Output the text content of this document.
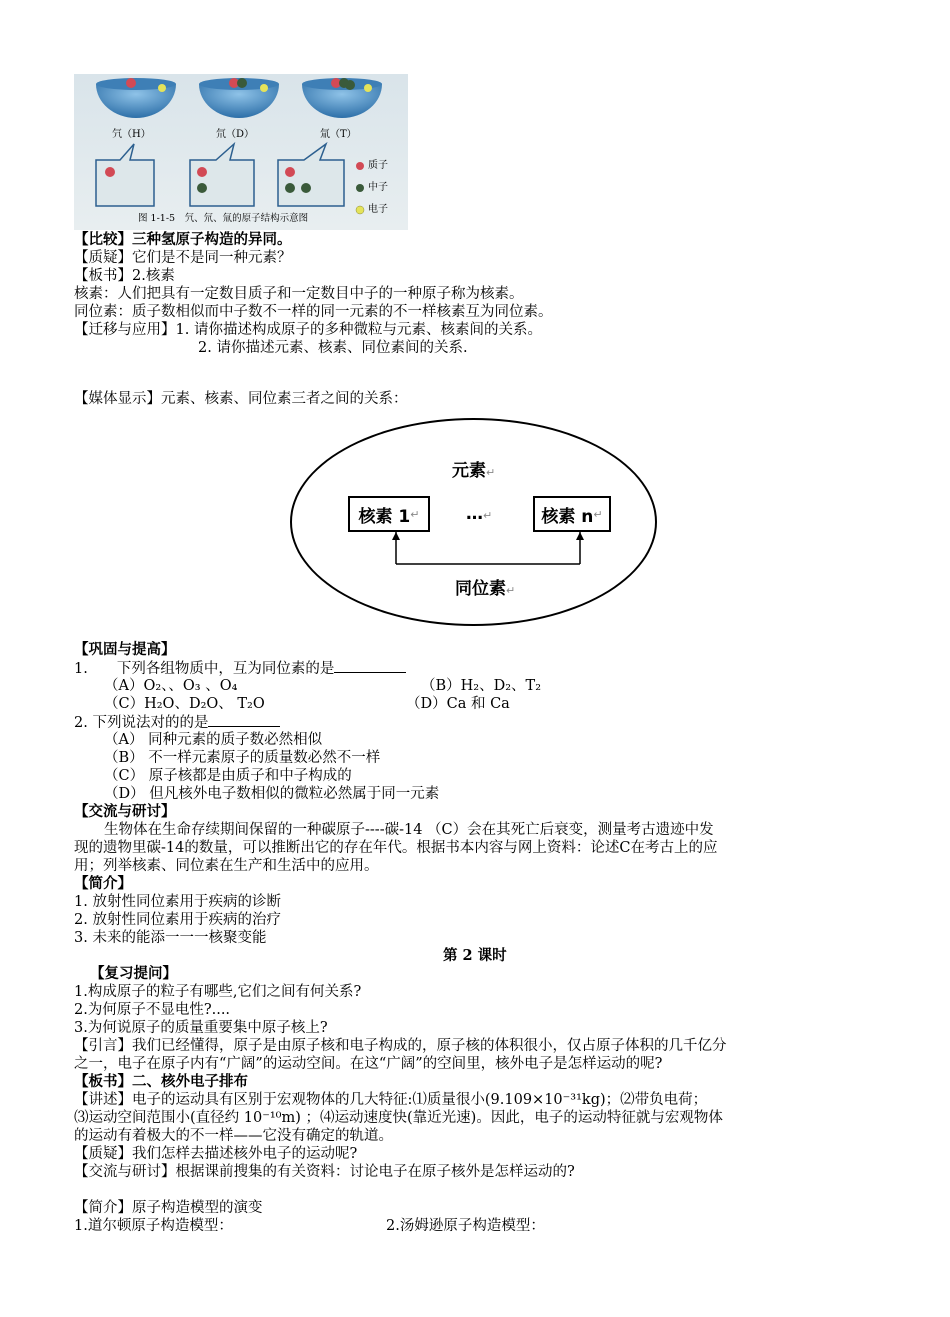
氕（H）	氘（D）	氚（T）
质子
中子
电子
图 1-1-5　氕、氘、氚的原子结构示意图
【比较】三种氢原子构造的异同。
【质疑】它们是不是同一种元素？
【板书】2.核素
核素：人们把具有一定数目质子和一定数目中子的一种原子称为核素。
同位素：质子数相似而中子数不一样的同一元素的不一样核素互为同位素。
【迁移与应用】1. 请你描述构成原子的多种微粒与元素、核素间的关系。
2. 请你描述元素、核素、同位素间的关系.
【媒体显示】元素、核素、同位素三者之间的关系：
元素↵
核素 1 ↵	…↵	核素 n ↵
同位素↵
【巩固与提高】
1.　　下列各组物质中，互为同位素的是
（A）O₂、、O₃ 、O₄	（B）H₂、D₂、T₂
（C）H₂O、D₂O、 T₂O	（D）Ca 和 Ca
2. 下列说法对的的是
（A） 同种元素的质子数必然相似
（B） 不一样元素原子的质量数必然不一样
（C） 原子核都是由质子和中子构成的
（D） 但凡核外电子数相似的微粒必然属于同一元素
【交流与研讨】
生物体在生命存续期间保留的一种碳原子----碳-14 （C）会在其死亡后衰变，测量考古遗迹中发
现的遗物里碳-14的数量，可以推断出它的存在年代。根据书本内容与网上资料：论述C在考古上的应
用；列举核素、同位素在生产和生活中的应用。
【简介】
1. 放射性同位素用于疾病的诊断
2. 放射性同位素用于疾病的治疗
3. 未来的能添一一一核聚变能
第 2 课时
【复习提问】
1.构成原子的粒子有哪些,它们之间有何关系?
2.为何原子不显电性?....
3.为何说原子的质量重要集中原子核上?
【引言】我们已经懂得，原子是由原子核和电子构成的，原子核的体积很小，仅占原子体积的几千亿分
之一，电子在原子内有“广阔”的运动空间。在这“广阔”的空间里，核外电子是怎样运动的呢?
【板书】二、核外电子排布
【讲述】电子的运动具有区别于宏观物体的几大特征:⑴质量很小(9.109×10⁻³¹kg)；⑵带负电荷；
⑶运动空间范围小(直径约 10⁻¹⁰m) ；⑷运动速度快(靠近光速)。因此，电子的运动特征就与宏观物体
的运动有着极大的不一样——它没有确定的轨道。
【质疑】我们怎样去描述核外电子的运动呢?
【交流与研讨】根据课前搜集的有关资料：讨论电子在原子核外是怎样运动的?
【简介】原子构造模型的演变
1.道尔顿原子构造模型：	2.汤姆逊原子构造模型：
